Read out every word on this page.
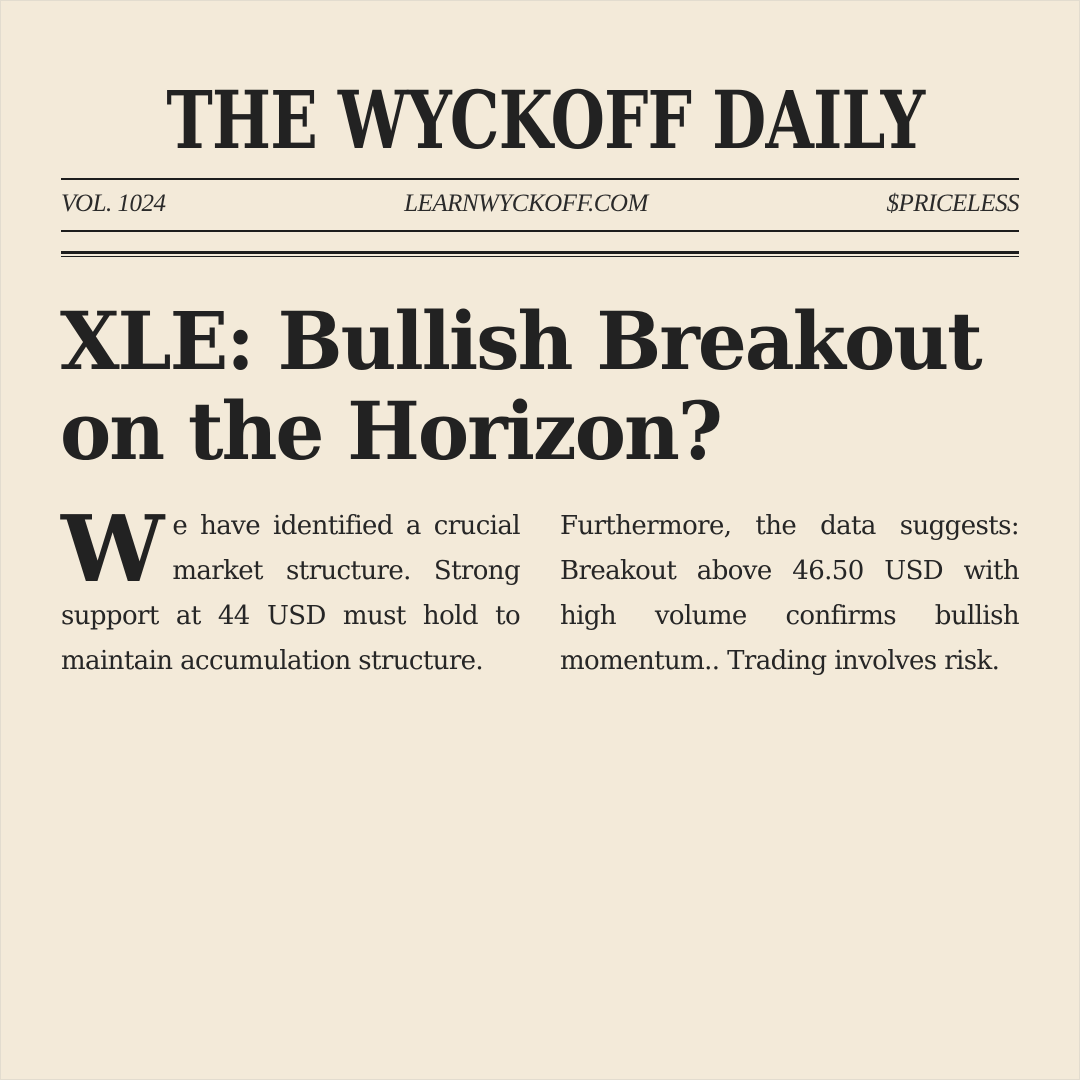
THE WYCKOFF DAILY
VOL. 1024	LEARNWYCKOFF.COM	$PRICELESS
XLE: Bullish Breakout
on the Horizon?
We have identified a crucial market structure. Strong support at 44 USD must hold to maintain accumulation structure.
Furthermore, the data suggests: Breakout above 46.50 USD with high volume confirms bullish momentum.. Trading involves risk.
